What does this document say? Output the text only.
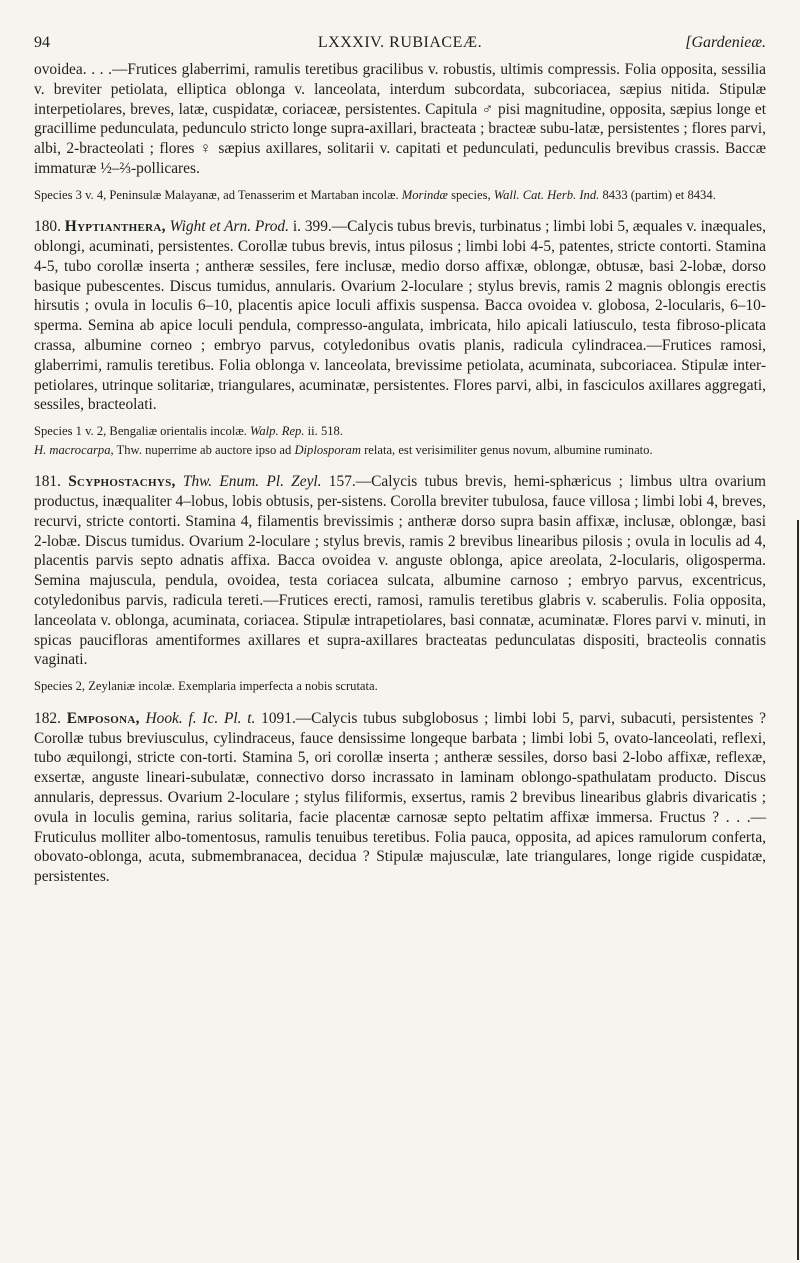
94	LXXXIV. RUBIACEÆ.	[Gardenieæ.

ovoidea. . . .—Frutices glaberrimi, ramulis teretibus gracilibus v. robustis, ultimis compressis. Folia opposita, sessilia v. breviter petiolata, elliptica oblonga v. lanceolata, interdum subcordata, subcoriacea, sæpius nitida. Stipulæ interpetiolares, breves, latæ, cuspidatæ, coriaceæ, persistentes. Capitula ♂ pisi magnitudine, opposita, sæpius longe et gracillime pedunculata, pedunculo stricto longe supra-axillari, bracteata ; bracteæ subu-latæ, persistentes ; flores parvi, albi, 2-bracteolati ; flores ♀ sæpius axillares, solitarii v. capitati et pedunculati, pedunculis brevibus crassis. Baccæ immaturæ ½–⅔-pollicares.

Species 3 v. 4, Peninsulæ Malayanæ, ad Tenasserim et Martaban incolæ. Morindæ species, Wall. Cat. Herb. Ind. 8433 (partim) et 8434.

180. Hyptianthera, Wight et Arn. Prod. i. 399.—Calycis tubus brevis, turbinatus ; limbi lobi 5, æquales v. inæquales, oblongi, acuminati, persistentes. Corollæ tubus brevis, intus pilosus ; limbi lobi 4-5, patentes, stricte contorti. Stamina 4-5, tubo corollæ inserta ; antheræ sessiles, fere inclusæ, medio dorso affixæ, oblongæ, obtusæ, basi 2-lobæ, dorso basique pubescentes. Discus tumidus, annularis. Ovarium 2-loculare ; stylus brevis, ramis 2 magnis oblongis erectis hirsutis ; ovula in loculis 6–10, placentis apice loculi affixis suspensa. Bacca ovoidea v. globosa, 2-locularis, 6–10-sperma. Semina ab apice loculi pendula, compresso-angulata, imbricata, hilo apicali latiusculo, testa fibroso-plicata crassa, albumine corneo ; embryo parvus, cotyledonibus ovatis planis, radicula cylindracea.—Frutices ramosi, glaberrimi, ramulis teretibus. Folia oblonga v. lanceolata, brevissime petiolata, acuminata, subcoriacea. Stipulæ inter-petiolares, utrinque solitariæ, triangulares, acuminatæ, persistentes. Flores parvi, albi, in fasciculos axillares aggregati, sessiles, bracteolati.

Species 1 v. 2, Bengaliæ orientalis incolæ. Walp. Rep. ii. 518.

H. macrocarpa, Thw. nuperrime ab auctore ipso ad Diplosporam relata, est verisimiliter genus novum, albumine ruminato.

181. Scyphostachys, Thw. Enum. Pl. Zeyl. 157.—Calycis tubus brevis, hemi-sphæricus ; limbus ultra ovarium productus, inæqualiter 4–lobus, lobis obtusis, per-sistens. Corolla breviter tubulosa, fauce villosa ; limbi lobi 4, breves, recurvi, stricte contorti. Stamina 4, filamentis brevissimis ; antheræ dorso supra basin affixæ, inclusæ, oblongæ, basi 2-lobæ. Discus tumidus. Ovarium 2-loculare ; stylus brevis, ramis 2 brevibus linearibus pilosis ; ovula in loculis ad 4, placentis parvis septo adnatis affixa. Bacca ovoidea v. anguste oblonga, apice areolata, 2-locularis, oligosperma. Semina majuscula, pendula, ovoidea, testa coriacea sulcata, albumine carnoso ; embryo parvus, excentricus, cotyledonibus parvis, radicula tereti.—Frutices erecti, ramosi, ramulis teretibus glabris v. scaberulis. Folia opposita, lanceolata v. oblonga, acuminata, coriacea. Stipulæ intrapetiolares, basi connatæ, acuminatæ. Flores parvi v. minuti, in spicas paucifloras amentiformes axillares et supra-axillares bracteatas pedunculatas dispositi, bracteolis connatis vaginati.

Species 2, Zeylaniæ incolæ. Exemplaria imperfecta a nobis scrutata.

182. Emposona, Hook. f. Ic. Pl. t. 1091.—Calycis tubus subglobosus ; limbi lobi 5, parvi, subacuti, persistentes ? Corollæ tubus breviusculus, cylindraceus, fauce densissime longeque barbata ; limbi lobi 5, ovato-lanceolati, reflexi, tubo æquilongi, stricte con-torti. Stamina 5, ori corollæ inserta ; antheræ sessiles, dorso basi 2-lobo affixæ, reflexæ, exsertæ, anguste lineari-subulatæ, connectivo dorso incrassato in laminam oblongo-spathulatam producto. Discus annularis, depressus. Ovarium 2-loculare ; stylus filiformis, exsertus, ramis 2 brevibus linearibus glabris divaricatis ; ovula in loculis gemina, rarius solitaria, facie placentæ carnosæ septo peltatim affixæ immersa. Fructus ? . . .—Fruticulus molliter albo-tomentosus, ramulis tenuibus teretibus. Folia pauca, opposita, ad apices ramulorum conferta, obovato-oblonga, acuta, submembranacea, decidua ? Stipulæ majusculæ, late triangulares, longe rigide cuspidatæ, persistentes.
